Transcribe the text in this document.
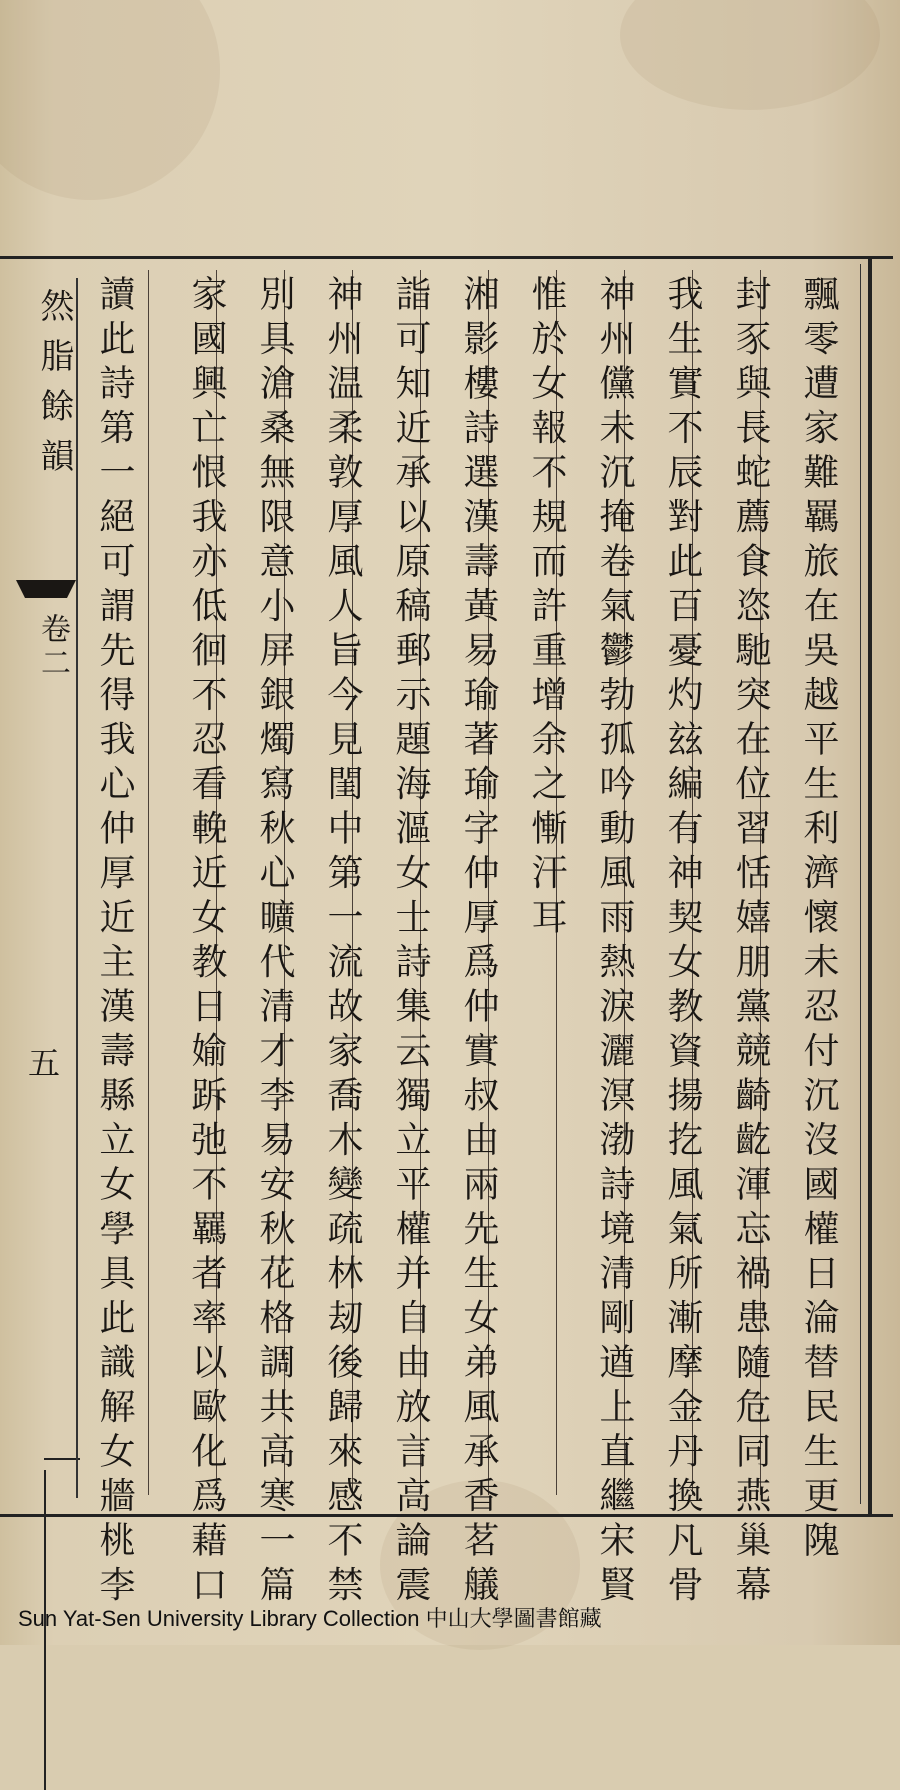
然脂餘韻
卷二
五	飄零遭家難羈旅在吳越平生利濟懷未忍付沉沒國權日淪替民生更隗
封豕與長蛇薦食恣馳突在位習恬嬉朋黨競齮齕渾忘禍患隨危同燕巢幕
我生實不辰對此百憂灼玆編有神契女教資揚扢風氣所漸摩金丹換凡骨
神州儻未沉掩卷氣鬱勃孤吟動風雨熱淚灑溟渤詩境清剛遒上直繼宋賢
惟於女報不規而許重增余之慚汗耳
湘影樓詩選漢壽黃易瑜著瑜字仲厚爲仲實叔由兩先生女弟風承香茗艤
詣可知近承以原稿郵示題海漚女士詩集云獨立平權并自由放言高論震
神州温柔敦厚風人旨今見閨中第一流故家喬木變疏林刼後歸來感不禁
別具滄桑無限意小屏銀燭寫秋心曠代清才李易安秋花格調共高寒一篇
家國興亡恨我亦低徊不忍看輓近女教日媮跅弛不羈者率以歐化爲藉口
讀此詩第一絕可謂先得我心仲厚近主漢壽縣立女學具此識解女牆桃李
Sun Yat-Sen University Library Collection 中山大學圖書館藏
